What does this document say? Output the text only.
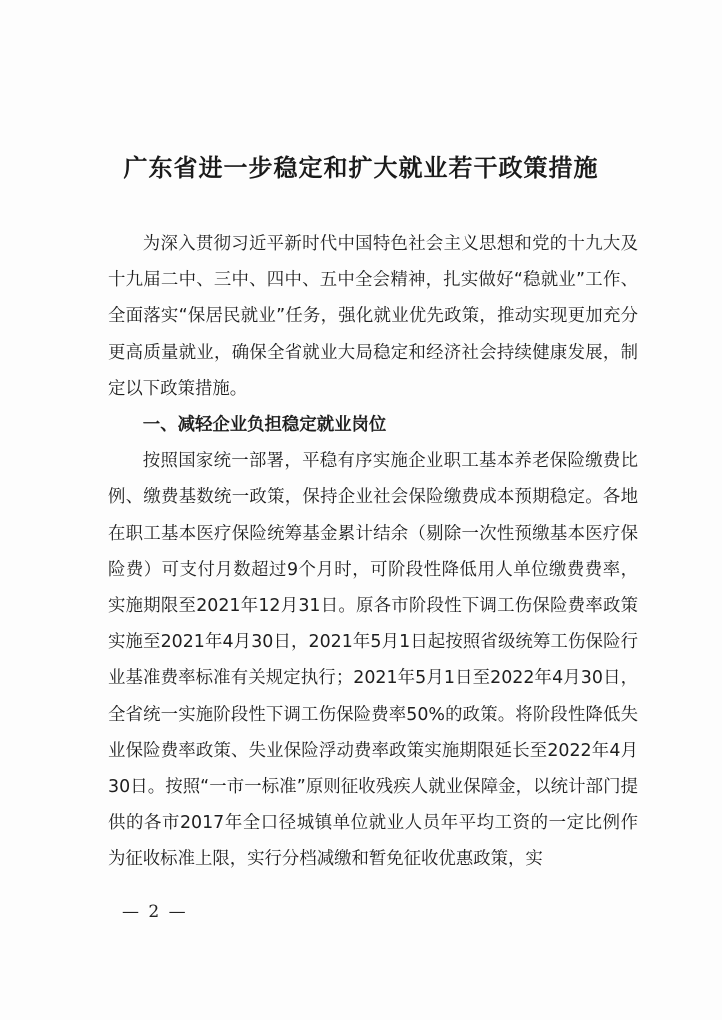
广东省进一步稳定和扩大就业若干政策措施

为深入贯彻习近平新时代中国特色社会主义思想和党的十九大及十九届二中、三中、四中、五中全会精神，扎实做好“稳就业”工作、全面落实“保居民就业”任务，强化就业优先政策，推动实现更加充分更高质量就业，确保全省就业大局稳定和经济社会持续健康发展，制定以下政策措施。

一、减轻企业负担稳定就业岗位

按照国家统一部署，平稳有序实施企业职工基本养老保险缴费比例、缴费基数统一政策，保持企业社会保险缴费成本预期稳定。各地在职工基本医疗保险统筹基金累计结余（剔除一次性预缴基本医疗保险费）可支付月数超过9个月时，可阶段性降低用人单位缴费费率，实施期限至2021年12月31日。原各市阶段性下调工伤保险费率政策实施至2021年4月30日，2021年5月1日起按照省级统筹工伤保险行业基准费率标准有关规定执行；2021年5月1日至2022年4月30日，全省统一实施阶段性下调工伤保险费率50%的政策。将阶段性降低失业保险费率政策、失业保险浮动费率政策实施期限延长至2022年4月30日。按照“一市一标准”原则征收残疾人就业保障金，以统计部门提供的各市2017年全口径城镇单位就业人员年平均工资的一定比例作为征收标准上限，实行分档减缴和暂免征收优惠政策，实

— 2 —
